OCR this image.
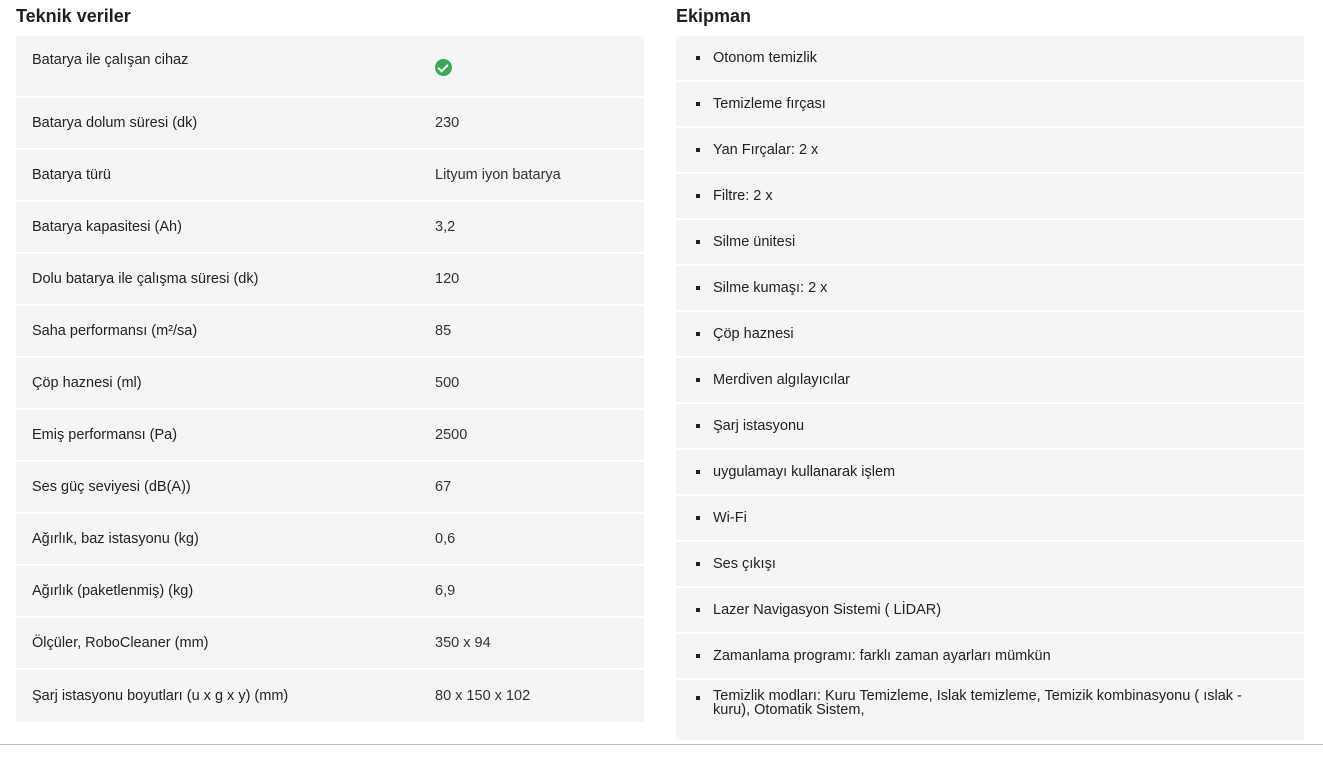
Teknik veriler
Batarya ile çalışan cihaz
Batarya dolum süresi (dk)	230
Batarya türü	Lityum iyon batarya
Batarya kapasitesi (Ah)	3,2
Dolu batarya ile çalışma süresi (dk)	120
Saha performansı (m²/sa)	85
Çöp haznesi (ml)	500
Emiş performansı (Pa)	2500
Ses güç seviyesi (dB(A))	67
Ağırlık, baz istasyonu (kg)	0,6
Ağırlık (paketlenmiş) (kg)	6,9
Ölçüler, RoboCleaner (mm)	350 x 94
Şarj istasyonu boyutları (u x g x y) (mm)	80 x 150 x 102
Ekipman
Otonom temizlik
Temizleme fırçası
Yan Fırçalar: 2 x
Filtre: 2 x
Silme ünitesi
Silme kumaşı: 2 x
Çöp haznesi
Merdiven algılayıcılar
Şarj istasyonu
uygulamayı kullanarak işlem
Wi-Fi
Ses çıkışı
Lazer Navigasyon Sistemi ( LİDAR)
Zamanlama programı: farklı zaman ayarları mümkün
Temizlik modları: Kuru Temizleme, Islak temizleme, Temizik kombinasyonu ( ıslak - kuru), Otomatik Sistem,
